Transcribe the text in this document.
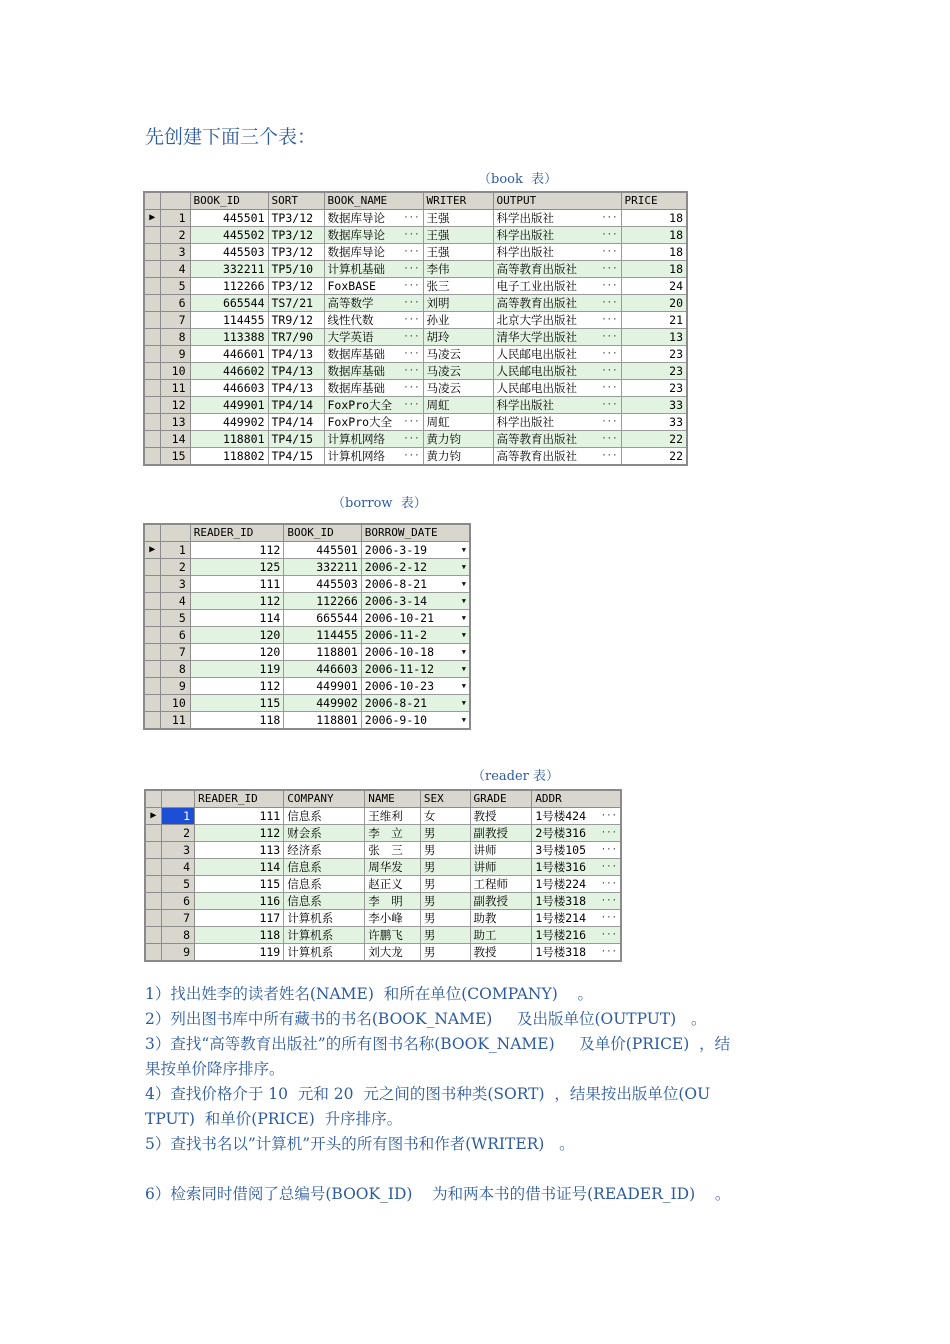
先创建下面三个表：
（book  表）
		BOOK_ID	SORT	BOOK_NAME	WRITER	OUTPUT	PRICE
▶	1	445501	TP3/12	数据库导论 ···	王强	科学出版社 ···	18
	2	445502	TP3/12	数据库导论 ···	王强	科学出版社 ···	18
	3	445503	TP3/12	数据库导论 ···	王强	科学出版社 ···	18
	4	332211	TP5/10	计算机基础 ···	李伟	高等教育出版社 ···	18
	5	112266	TP3/12	FoxBASE ···	张三	电子工业出版社 ···	24
	6	665544	TS7/21	高等数学 ···	刘明	高等教育出版社 ···	20
	7	114455	TR9/12	线性代数 ···	孙业	北京大学出版社 ···	21
	8	113388	TR7/90	大学英语 ···	胡玲	清华大学出版社 ···	13
	9	446601	TP4/13	数据库基础 ···	马凌云	人民邮电出版社 ···	23
	10	446602	TP4/13	数据库基础 ···	马凌云	人民邮电出版社 ···	23
	11	446603	TP4/13	数据库基础 ···	马凌云	人民邮电出版社 ···	23
	12	449901	TP4/14	FoxPro大全 ···	周虹	科学出版社 ···	33
	13	449902	TP4/14	FoxPro大全 ···	周虹	科学出版社 ···	33
	14	118801	TP4/15	计算机网络 ···	黄力钧	高等教育出版社 ···	22
	15	118802	TP4/15	计算机网络 ···	黄力钧	高等教育出版社 ···	22
（borrow  表）
		READER_ID	BOOK_ID	BORROW_DATE
▶	1	112	445501	2006-3-19 ▼
	2	125	332211	2006-2-12 ▼
	3	111	445503	2006-8-21 ▼
	4	112	112266	2006-3-14 ▼
	5	114	665544	2006-10-21 ▼
	6	120	114455	2006-11-2 ▼
	7	120	118801	2006-10-18 ▼
	8	119	446603	2006-11-12 ▼
	9	112	449901	2006-10-23 ▼
	10	115	449902	2006-8-21 ▼
	11	118	118801	2006-9-10 ▼
（reader 表）
		READER_ID	COMPANY	NAME	SEX	GRADE	ADDR
▶	1	111	信息系	王维利	女	教授	1号楼424 ···
	2	112	财会系	李　立	男	副教授	2号楼316 ···
	3	113	经济系	张　三	男	讲师	3号楼105 ···
	4	114	信息系	周华发	男	讲师	1号楼316 ···
	5	115	信息系	赵正义	男	工程师	1号楼224 ···
	6	116	信息系	李　明	男	副教授	1号楼318 ···
	7	117	计算机系	李小峰	男	助教	1号楼214 ···
	8	118	计算机系	许鹏飞	男	助工	1号楼216 ···
	9	119	计算机系	刘大龙	男	教授	1号楼318 ···
1）找出姓李的读者姓名(NAME)  和所在单位(COMPANY)    。
2）列出图书库中所有藏书的书名(BOOK_NAME)     及出版单位(OUTPUT)   。
3）查找“高等教育出版社”的所有图书名称(BOOK_NAME)     及单价(PRICE)  ，结
果按单价降序排序。
4）查找价格介于 10  元和 20  元之间的图书种类(SORT)  ，结果按出版单位(OU
TPUT)  和单价(PRICE)  升序排序。
5）查找书名以”计算机”开头的所有图书和作者(WRITER)   。
6）检索同时借阅了总编号(BOOK_ID)    为和两本书的借书证号(READER_ID)    。
